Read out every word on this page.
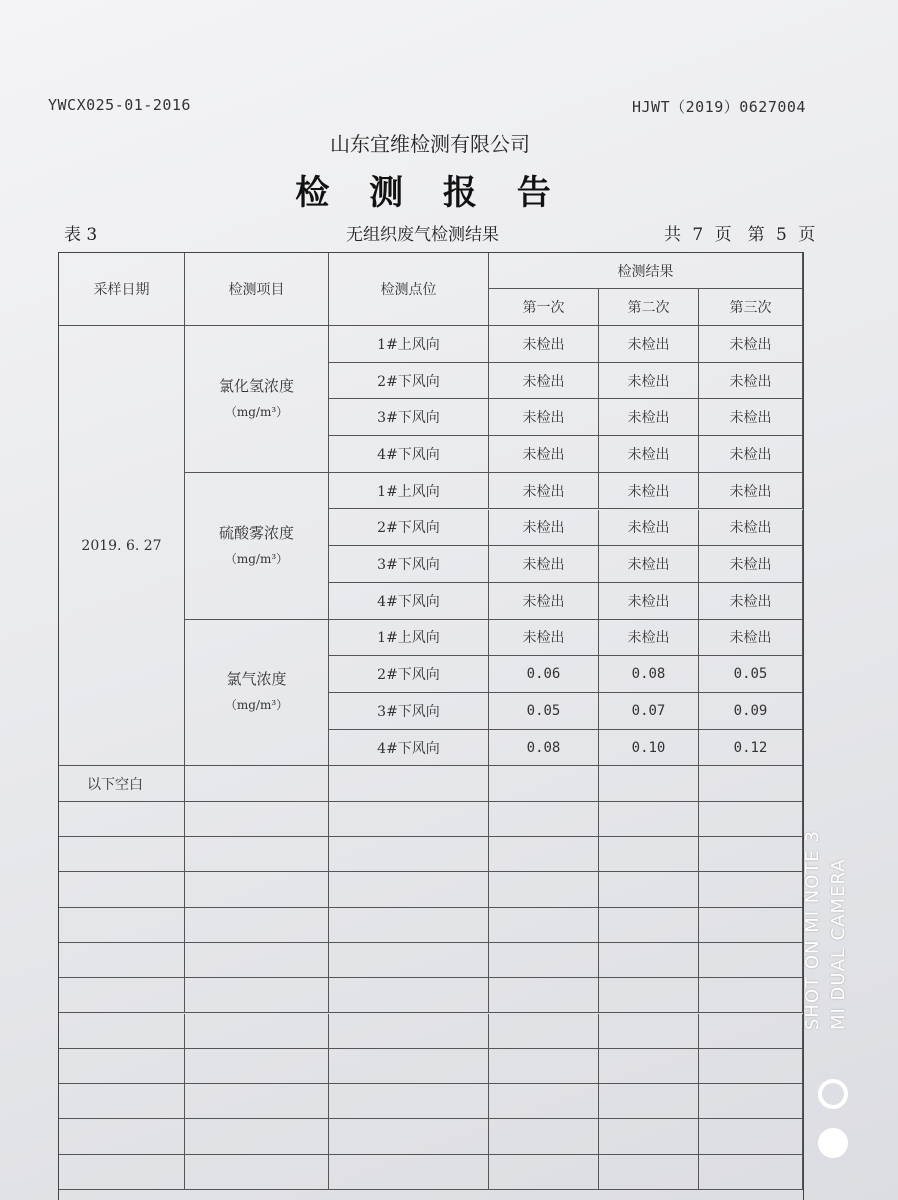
YWCX025-01-2016	HJWT（2019）0627004
山东宜维检测有限公司
检 测 报 告
表 3	无组织废气检测结果	共 7 页 第 5 页
采样日期	检测项目	检测点位
检测结果
第一次	第二次	第三次
2019. 6. 27
氯化氢浓度
（mg/m³）
1#上风向	未检出	未检出	未检出
2#下风向	未检出	未检出	未检出
3#下风向	未检出	未检出	未检出
4#下风向	未检出	未检出	未检出
硫酸雾浓度
（mg/m³）
1#上风向	未检出	未检出	未检出
2#下风向	未检出	未检出	未检出
3#下风向	未检出	未检出	未检出
4#下风向	未检出	未检出	未检出
氯气浓度
（mg/m³）
1#上风向	未检出	未检出	未检出
2#下风向	0.06	0.08	0.05
3#下风向	0.05	0.07	0.09
4#下风向	0.08	0.10	0.12
以下空白
SHOT ON MI NOTE 3 MI DUAL CAMERA
